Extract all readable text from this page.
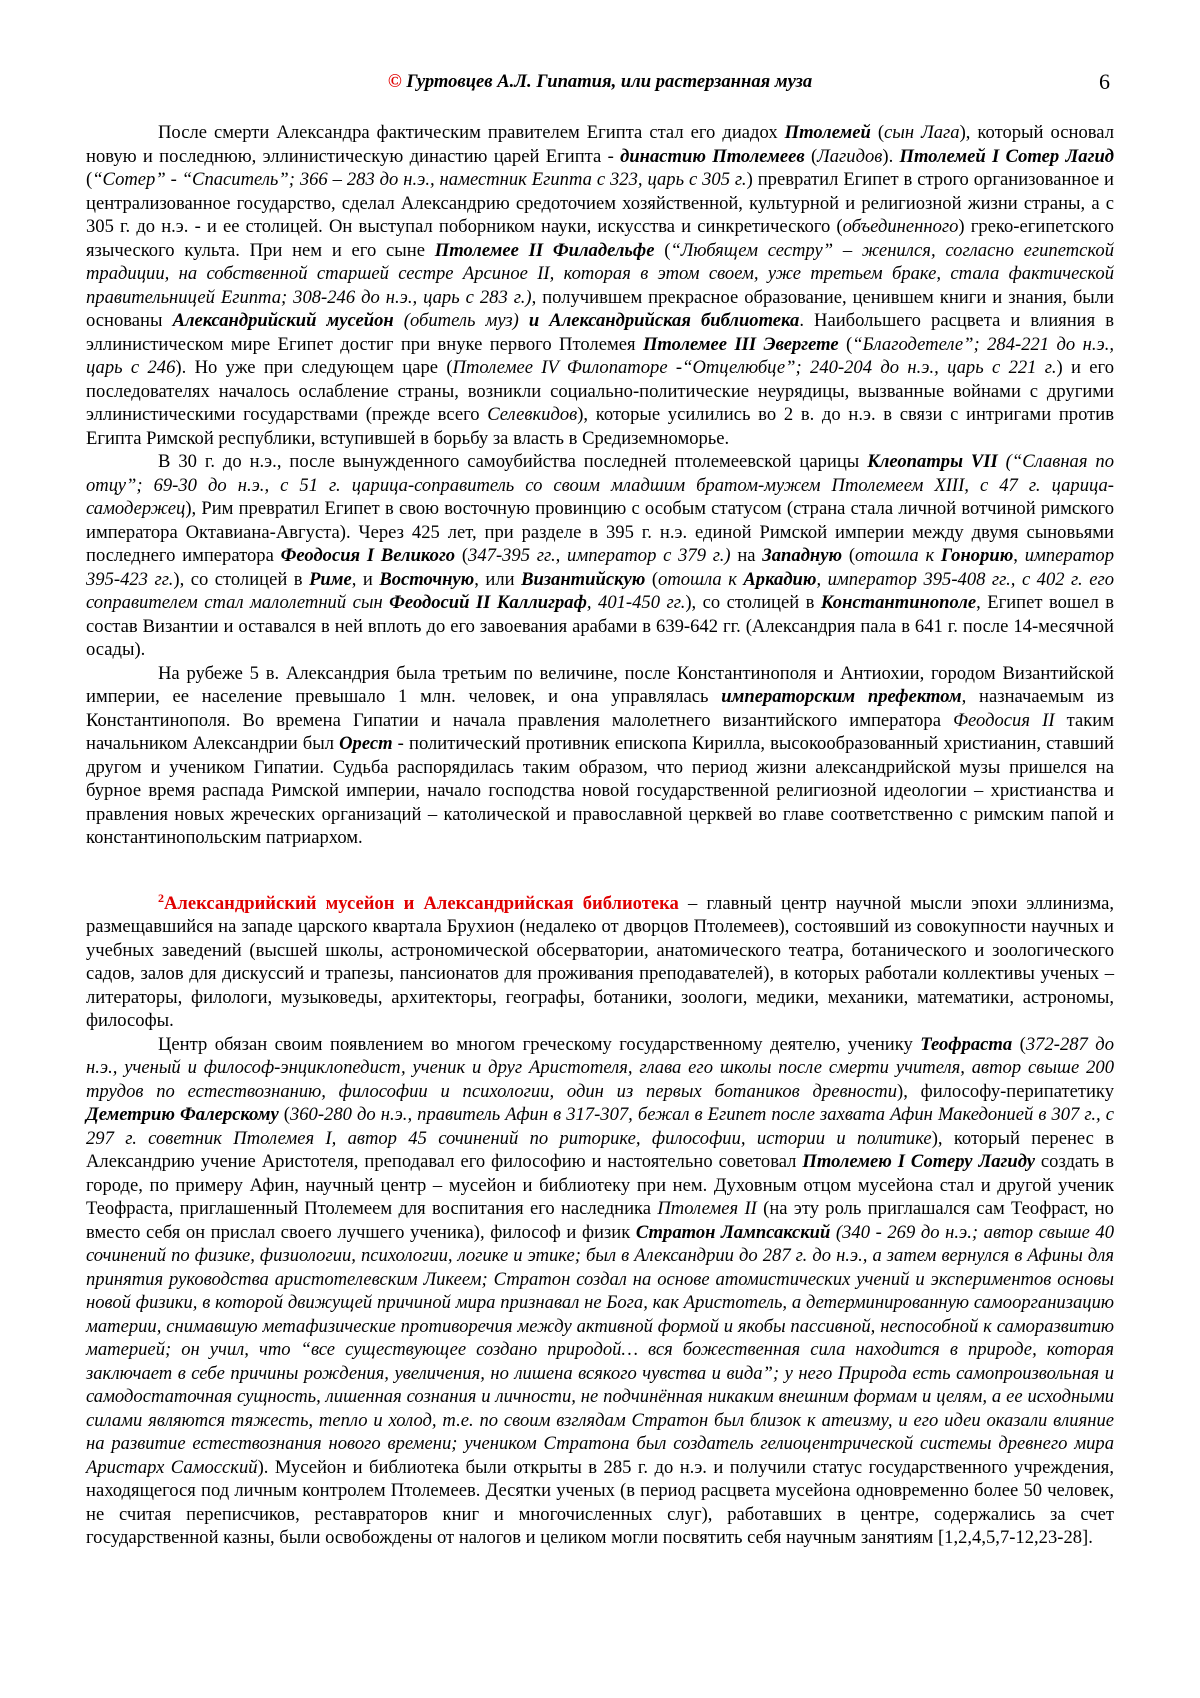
© Гуртовцев А.Л. Гипатия, или растерзанная муза	6

После смерти Александра фактическим правителем Египта стал его диадох Птолемей (сын Лага), который основал новую и последнюю, эллинистическую династию царей Египта - династию Птолемеев (Лагидов). Птолемей I Сотер Лагид (“Сотер” - “Спаситель”; 366 – 283 до н.э., наместник Египта с 323, царь с 305 г.) превратил Египет в строго организованное и централизованное государство, сделал Александрию средоточием хозяйственной, культурной и религиозной жизни страны, а с 305 г. до н.э. - и ее столицей. Он выступал поборником науки, искусства и синкретического (объединенного) греко-египетского языческого культа. При нем и его сыне Птолемее II Филадельфе (“Любящем сестру” – женился, согласно египетской традиции, на собственной старшей сестре Арсиное II, которая в этом своем, уже третьем браке, стала фактической правительницей Египта; 308-246 до н.э., царь с 283 г.), получившем прекрасное образование, ценившем книги и знания, были основаны Александрийский мусейон (обитель муз) и Александрийская библиотека. Наибольшего расцвета и влияния в эллинистическом мире Египет достиг при внуке первого Птолемея Птолемее III Эвергете (“Благодетеле”; 284-221 до н.э., царь с 246). Но уже при следующем царе (Птолемее IV Филопаторе -“Отцелюбце”; 240-204 до н.э., царь с 221 г.) и его последователях началось ослабление страны, возникли социально-политические неурядицы, вызванные войнами с другими эллинистическими государствами (прежде всего Селевкидов), которые усилились во 2 в. до н.э. в связи с интригами против Египта Римской республики, вступившей в борьбу за власть в Средиземноморье.

В 30 г. до н.э., после вынужденного самоубийства последней птолемеевской царицы Клеопатры VII (“Славная по отцу”; 69-30 до н.э., с 51 г. царица-соправитель со своим младшим братом-мужем Птолемеем XIII, с 47 г. царица-самодержец), Рим превратил Египет в свою восточную провинцию с особым статусом (страна стала личной вотчиной римского императора Октавиана-Августа). Через 425 лет, при разделе в 395 г. н.э. единой Римской империи между двумя сыновьями последнего императора Феодосия I Великого (347-395 гг., император с 379 г.) на Западную (отошла к Гонорию, император 395-423 гг.), со столицей в Риме, и Восточную, или Византийскую (отошла к Аркадию, император 395-408 гг., с 402 г. его соправителем стал малолетний сын Феодосий II Каллиграф, 401-450 гг.), со столицей в Константинополе, Египет вошел в состав Византии и оставался в ней вплоть до его завоевания арабами в 639-642 гг. (Александрия пала в 641 г. после 14-месячной осады).

На рубеже 5 в. Александрия была третьим по величине, после Константинополя и Антиохии, городом Византийской империи, ее население превышало 1 млн. человек, и она управлялась императорским префектом, назначаемым из Константинополя. Во времена Гипатии и начала правления малолетнего византийского императора Феодосия II таким начальником Александрии был Орест - политический противник епископа Кирилла, высокообразованный христианин, ставший другом и учеником Гипатии. Судьба распорядилась таким образом, что период жизни александрийской музы пришелся на бурное время распада Римской империи, начало господства новой государственной религиозной идеологии – христианства и правления новых жреческих организаций – католической и православной церквей во главе соответственно с римским папой и константинопольским патриархом.

$^2$Александрийский мусейон и Александрийская библиотека – главный центр научной мысли эпохи эллинизма, размещавшийся на западе царского квартала Брухион (недалеко от дворцов Птолемеев), состоявший из совокупности научных и учебных заведений (высшей школы, астрономической обсерватории, анатомического театра, ботанического и зоологического садов, залов для дискуссий и трапезы, пансионатов для проживания преподавателей), в которых работали коллективы ученых – литераторы, филологи, музыковеды, архитекторы, географы, ботаники, зоологи, медики, механики, математики, астрономы, философы.

Центр обязан своим появлением во многом греческому государственному деятелю, ученику Теофраста (372-287 до н.э., ученый и философ-энциклопедист, ученик и друг Аристотеля, глава его школы после смерти учителя, автор свыше 200 трудов по естествознанию, философии и психологии, один из первых ботаников древности), философу-перипатетику Деметрию Фалерскому (360-280 до н.э., правитель Афин в 317-307, бежал в Египет после захвата Афин Македонией в 307 г., с 297 г. советник Птолемея I, автор 45 сочинений по риторике, философии, истории и политике), который перенес в Александрию учение Аристотеля, преподавал его философию и настоятельно советовал Птолемею I Сотеру Лагиду создать в городе, по примеру Афин, научный центр – мусейон и библиотеку при нем. Духовным отцом мусейона стал и другой ученик Теофраста, приглашенный Птолемеем для воспитания его наследника Птолемея II (на эту роль приглашался сам Теофраст, но вместо себя он прислал своего лучшего ученика), философ и физик Стратон Лампсакский (340 - 269 до н.э.; автор свыше 40 сочинений по физике, физиологии, психологии, логике и этике; был в Александрии до 287 г. до н.э., а затем вернулся в Афины для принятия руководства аристотелевским Ликеем; Стратон создал на основе атомистических учений и экспериментов основы новой физики, в которой движущей причиной мира признавал не Бога, как Аристотель, а детерминированную самоорганизацию материи, снимавшую метафизические противоречия между активной формой и якобы пассивной, неспособной к саморазвитию материей; он учил, что “все существующее создано природой… вся божественная сила находится в природе, которая заключает в себе причины рождения, увеличения, но лишена всякого чувства и вида”; у него Природа есть самопроизвольная и самодостаточная сущность, лишенная сознания и личности, не подчинённая никаким внешним формам и целям, а ее исходными силами являются тяжесть, тепло и холод, т.е. по своим взглядам Стратон был близок к атеизму, и его идеи оказали влияние на развитие естествознания нового времени; учеником Стратона был создатель гелиоцентрической системы древнего мира Аристарх Самосский). Мусейон и библиотека были открыты в 285 г. до н.э. и получили статус государственного учреждения, находящегося под личным контролем Птолемеев. Десятки ученых (в период расцвета мусейона одновременно более 50 человек, не считая переписчиков, реставраторов книг и многочисленных слуг), работавших в центре, содержались за счет государственной казны, были освобождены от налогов и целиком могли посвятить себя научным занятиям [1,2,4,5,7-12,23-28].
